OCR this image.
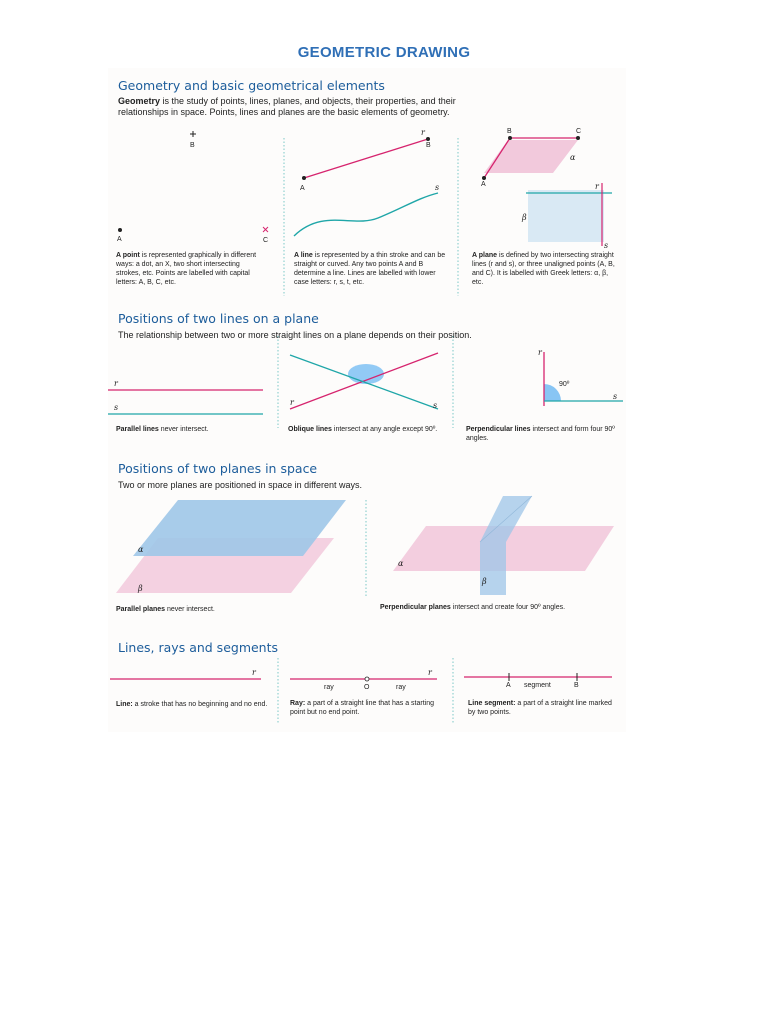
GEOMETRIC DRAWING
Geometry and basic geometrical elements
Geometry is the study of points, lines, planes, and objects, their properties, and their relationships in space. Points, lines and planes are the basic elements of geometry.
B
A	C
A
B
r
s	A
B	C
α
r
s
β
r
s
r	s
r
s
90º
α
β
α
β
r
ray	O	ray
r
A segment	B
A point is represented graphically in different ways: a dot, an X, two short intersecting strokes, etc. Points are labelled with capital letters: A, B, C, etc.
A line is represented by a thin stroke and can be straight or curved. Any two points A and B determine a line. Lines are labelled with lower case letters: r, s, t, etc.
A plane is defined by two intersecting straight lines (r and s), or three unaligned points (A, B, and C). It is labelled with Greek letters: α, β, etc.
Positions of two lines on a plane
The relationship between two or more straight lines on a plane depends on their position.
Parallel lines never intersect.	Oblique lines intersect at any angle except 90º.	Perpendicular lines intersect and form four 90º angles.
Positions of two planes in space
Two or more planes are positioned in space in different ways.
Parallel planes never intersect.	Perpendicular planes intersect and create four 90º angles.
Lines, rays and segments
Line: a stroke that has no beginning and no end.	Ray: a part of a straight line that has a starting point but no end point.
Line segment: a part of a straight line marked by two points.
